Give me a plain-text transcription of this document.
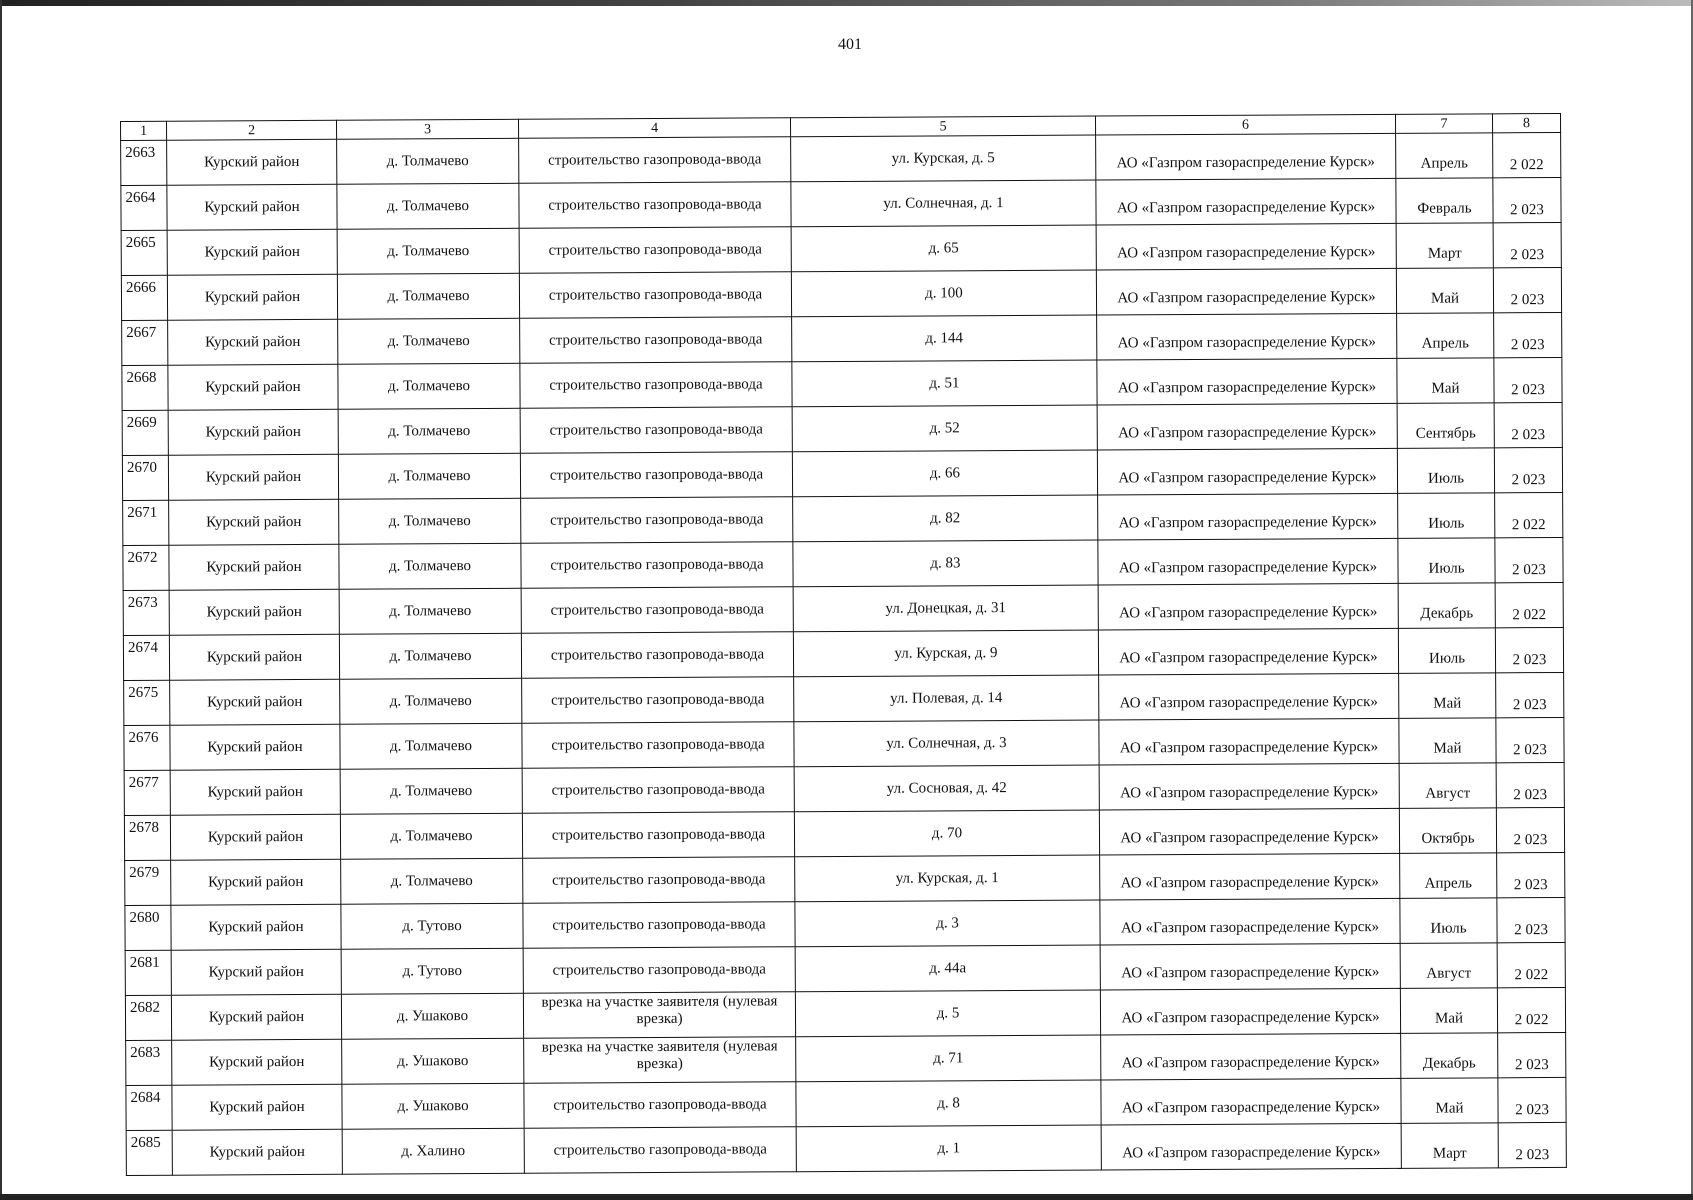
401
1	2	3	4	5	6	7	8
2663	Курский район	д. Толмачево	строительство газопровода-ввода	ул. Курская, д. 5	АО «Газпром газораспределение Курск»	Апрель	2 022
2664	Курский район	д. Толмачево	строительство газопровода-ввода	ул. Солнечная, д. 1	АО «Газпром газораспределение Курск»	Февраль	2 023
2665	Курский район	д. Толмачево	строительство газопровода-ввода	д. 65	АО «Газпром газораспределение Курск»	Март	2 023
2666	Курский район	д. Толмачево	строительство газопровода-ввода	д. 100	АО «Газпром газораспределение Курск»	Май	2 023
2667	Курский район	д. Толмачево	строительство газопровода-ввода	д. 144	АО «Газпром газораспределение Курск»	Апрель	2 023
2668	Курский район	д. Толмачево	строительство газопровода-ввода	д. 51	АО «Газпром газораспределение Курск»	Май	2 023
2669	Курский район	д. Толмачево	строительство газопровода-ввода	д. 52	АО «Газпром газораспределение Курск»	Сентябрь	2 023
2670	Курский район	д. Толмачево	строительство газопровода-ввода	д. 66	АО «Газпром газораспределение Курск»	Июль	2 023
2671	Курский район	д. Толмачево	строительство газопровода-ввода	д. 82	АО «Газпром газораспределение Курск»	Июль	2 022
2672	Курский район	д. Толмачево	строительство газопровода-ввода	д. 83	АО «Газпром газораспределение Курск»	Июль	2 023
2673	Курский район	д. Толмачево	строительство газопровода-ввода	ул. Донецкая, д. 31	АО «Газпром газораспределение Курск»	Декабрь	2 022
2674	Курский район	д. Толмачево	строительство газопровода-ввода	ул. Курская, д. 9	АО «Газпром газораспределение Курск»	Июль	2 023
2675	Курский район	д. Толмачево	строительство газопровода-ввода	ул. Полевая, д. 14	АО «Газпром газораспределение Курск»	Май	2 023
2676	Курский район	д. Толмачево	строительство газопровода-ввода	ул. Солнечная, д. 3	АО «Газпром газораспределение Курск»	Май	2 023
2677	Курский район	д. Толмачево	строительство газопровода-ввода	ул. Сосновая, д. 42	АО «Газпром газораспределение Курск»	Август	2 023
2678	Курский район	д. Толмачево	строительство газопровода-ввода	д. 70	АО «Газпром газораспределение Курск»	Октябрь	2 023
2679	Курский район	д. Толмачево	строительство газопровода-ввода	ул. Курская, д. 1	АО «Газпром газораспределение Курск»	Апрель	2 023
2680	Курский район	д. Тутово	строительство газопровода-ввода	д. 3	АО «Газпром газораспределение Курск»	Июль	2 023
2681	Курский район	д. Тутово	строительство газопровода-ввода	д. 44а	АО «Газпром газораспределение Курск»	Август	2 022
2682	Курский район	д. Ушаково	врезка на участке заявителя (нулевая врезка)	д. 5	АО «Газпром газораспределение Курск»	Май	2 022
2683	Курский район	д. Ушаково	врезка на участке заявителя (нулевая врезка)	д. 71	АО «Газпром газораспределение Курск»	Декабрь	2 023
2684	Курский район	д. Ушаково	строительство газопровода-ввода	д. 8	АО «Газпром газораспределение Курск»	Май	2 023
2685	Курский район	д. Халино	строительство газопровода-ввода	д. 1	АО «Газпром газораспределение Курск»	Март	2 023
